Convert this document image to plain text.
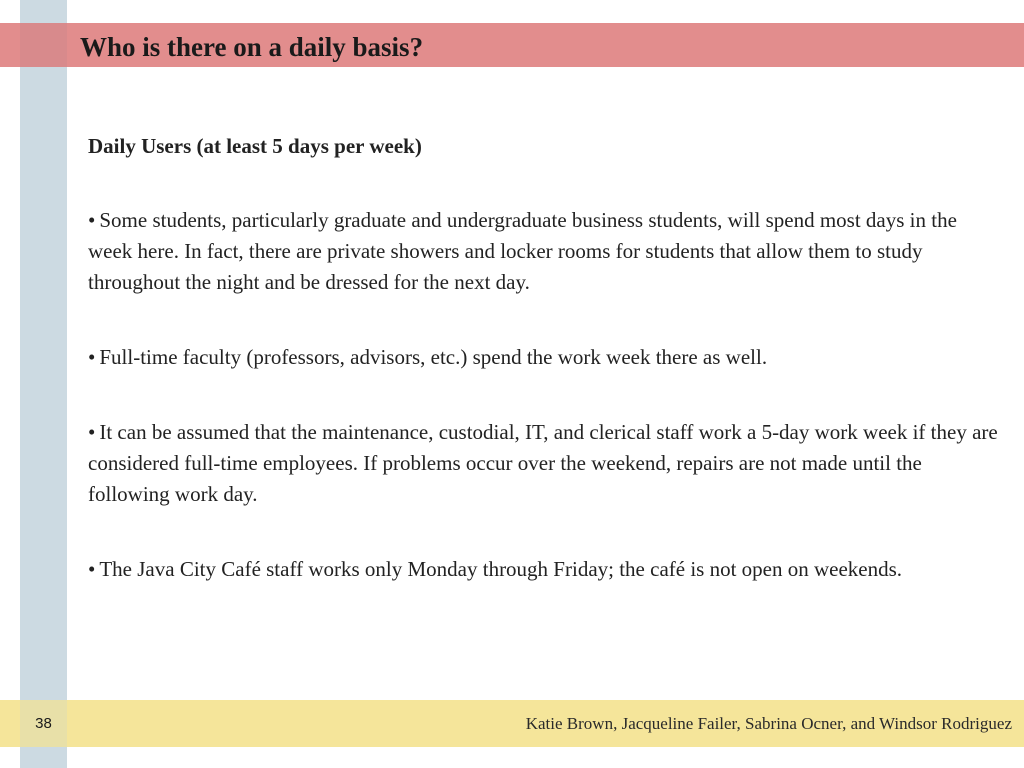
Who is there on a daily basis?

Daily Users (at least 5 days per week)

• Some students, particularly graduate and undergraduate business students, will spend most days in the week here. In fact, there are private showers and locker rooms for students that allow them to study throughout the night and be dressed for the next day.

• Full-time faculty (professors, advisors, etc.) spend the work week there as well.

• It can be assumed that the maintenance, custodial, IT, and clerical staff work a 5-day work week if they are considered full-time employees. If problems occur over the weekend, repairs are not made until the following work day.

• The Java City Café staff works only Monday through Friday; the café is not open on weekends.

38	Katie Brown, Jacqueline Failer, Sabrina Ocner, and Windsor Rodriguez
